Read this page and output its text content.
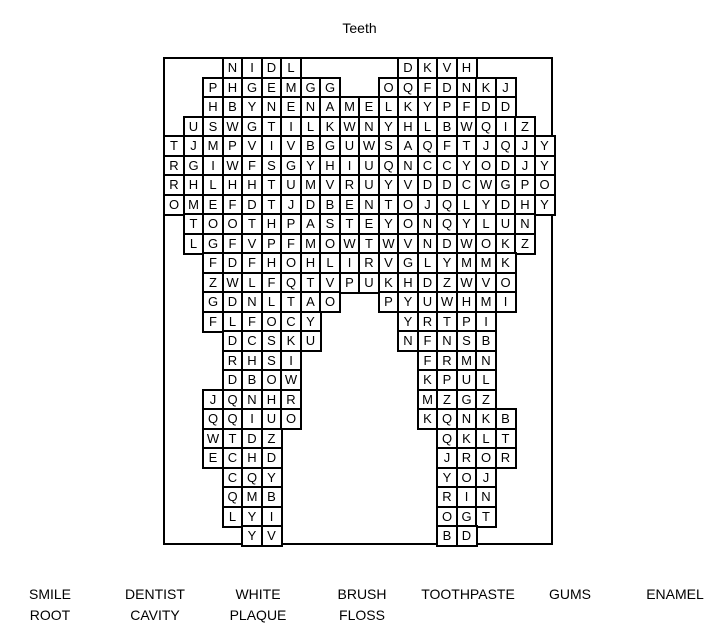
Teeth
N	I D L	D K V H
P H G E M G G	O Q F D N K J
H B Y N E N A M E L K Y P F D D
U S W G T	I	L K W N Y H L B W Q I	Z
T J M P V	I	V B G U W S A Q F T J Q J Y
R G I W F S G Y H	I U Q N C C Y O D J Y
R H L H H T U M V R U Y V D D C W G P O
O M E F D T J D B E N T O J Q L Y D H Y
T O O T H P A S T E Y O N Q Y L U N
L G F V P F M O W T W V N D W O K Z
F D F H O H L	I R V G L Y M M K
Z W L F Q T V P U K H D Z W V O
G D N L T A O	P Y U W H M I
F L F O C Y	Y R T P	I
D C S K U	N F N S B
R H S	I	F R M N
D B O W	K P U L
J Q N H R	M Z G Z
Q Q I U O	K Q N K B
W T D Z	Q K L T
E C H D	J R O R
C Q Y	Y O J
Q M B	R	I N
L Y	I	O G T
Y V	B D
SMILE	DENTIST	WHITE	BRUSH TOOTHPASTE GUMS	ENAMEL
ROOT	CAVITY	PLAQUE	FLOSS
